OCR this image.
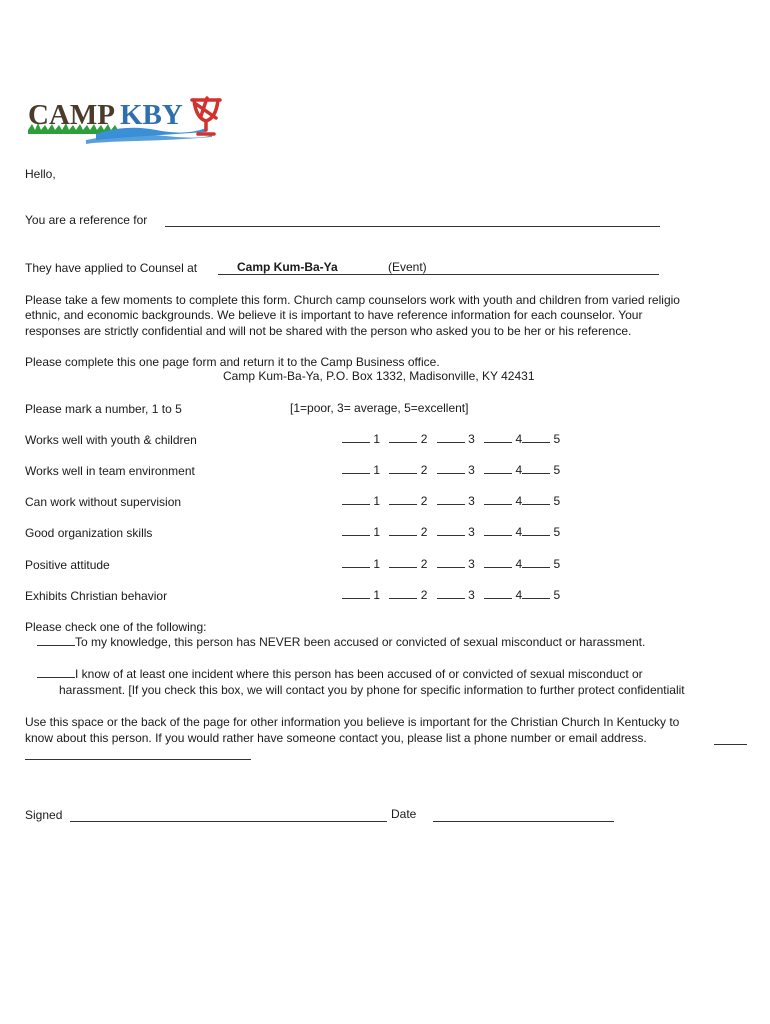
CAMP KBY
Hello,
You are a reference for
They have applied to Counsel at	Camp Kum-Ba-Ya	(Event)
Please take a few moments to complete this form. Church camp counselors work with youth and children from varied religio
ethnic, and economic backgrounds. We believe it is important to have reference information for each counselor. Your
responses are strictly confidential and will not be shared with the person who asked you to be her or his reference.
Please complete this one page form and return it to the Camp Business office.
Camp Kum-Ba-Ya, P.O. Box 1332, Madisonville, KY 42431
Please mark a number, 1 to 5	[1=poor, 3= average, 5=excellent]
Works well with youth & children	1	2	3	4	5
Works well in team environment	1	2	3	4	5
Can work without supervision	1	2	3	4	5
Good organization skills	1	2	3	4	5
Positive attitude	1	2	3	4	5
Exhibits Christian behavior	1	2	3	4	5
Please check one of the following:
To my knowledge, this person has NEVER been accused or convicted of sexual misconduct or harassment.
I know of at least one incident where this person has been accused of or convicted of sexual misconduct or
harassment. [If you check this box, we will contact you by phone for specific information to further protect confidentialit
Use this space or the back of the page for other information you believe is important for the Christian Church In Kentucky to
know about this person. If you would rather have someone contact you, please list a phone number or email address.
Signed	Date
